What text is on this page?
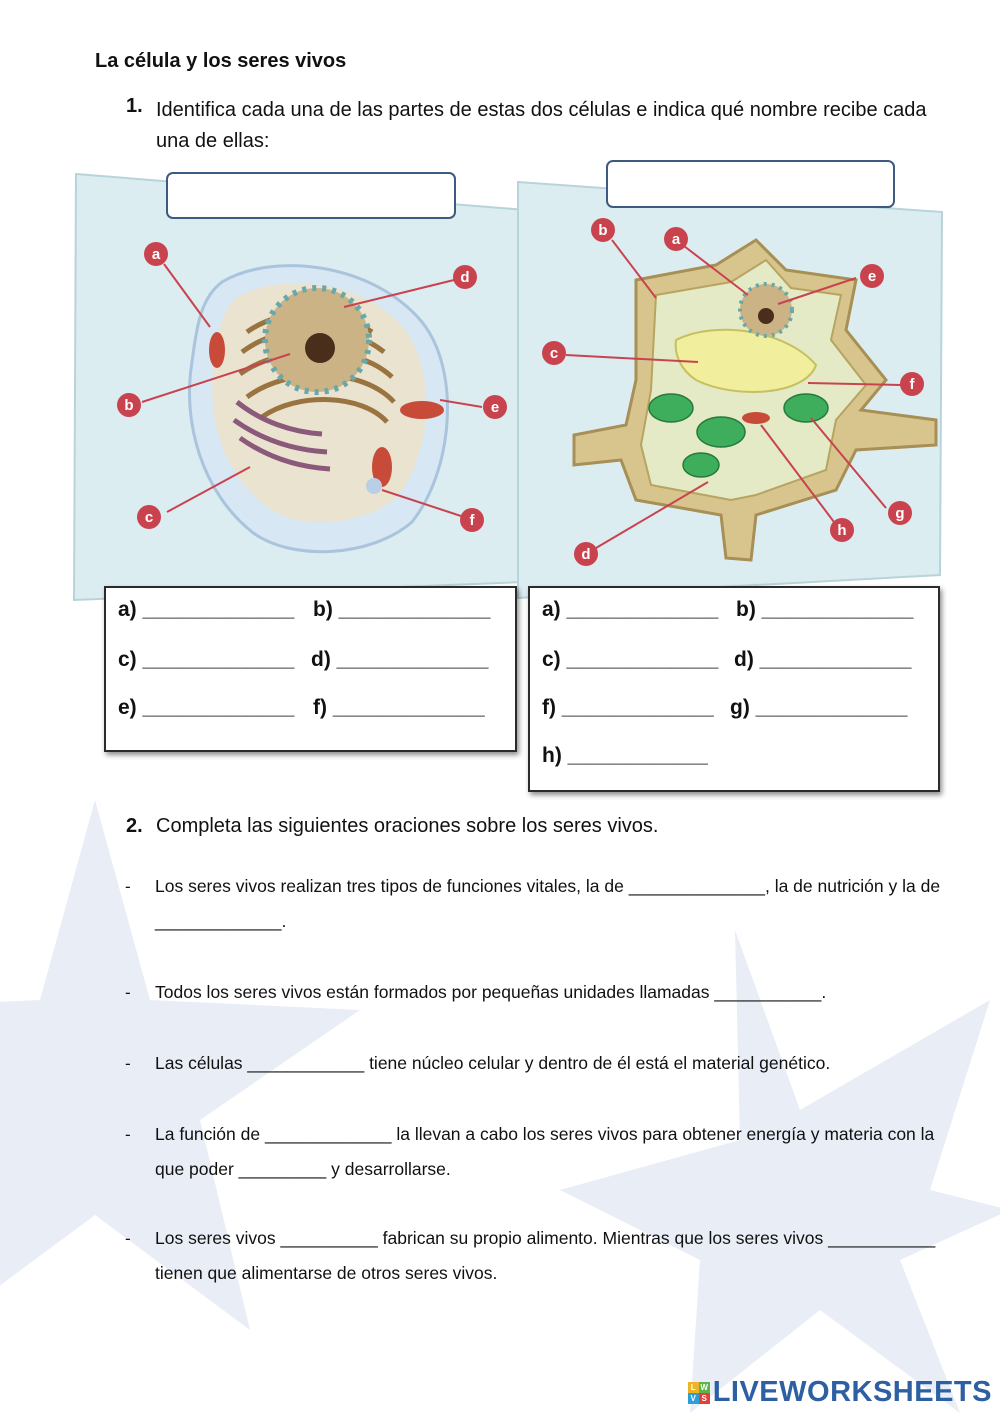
La célula y los seres vivos
1. Identifica cada una de las partes de estas dos células e indica qué nombre recibe cada una de ellas:
a
b
c
d
e
f
b
a
c
e
f
g
h
d
a) _____________ b) _____________
c) _____________ d) _____________
e) _____________ f) _____________
a) _____________ b) _____________
c) _____________ d) _____________
f) _____________ g) _____________
h) ____________
2. Completa las siguientes oraciones sobre los seres vivos.
- Los seres vivos realizan tres tipos de funciones vitales, la de ______________, la de nutrición y la de _____________.
- Todos los seres vivos están formados por pequeñas unidades llamadas ___________.
- Las células ____________ tiene núcleo celular y dentro de él está el material genético.
- La función de _____________ la llevan a cabo los seres vivos para obtener energía y materia con la que poder _________ y desarrollarse.
- Los seres vivos __________ fabrican su propio alimento. Mientras que los seres vivos ___________ tienen que alimentarse de otros seres vivos.
L W
V S LIVEWORKSHEETS
